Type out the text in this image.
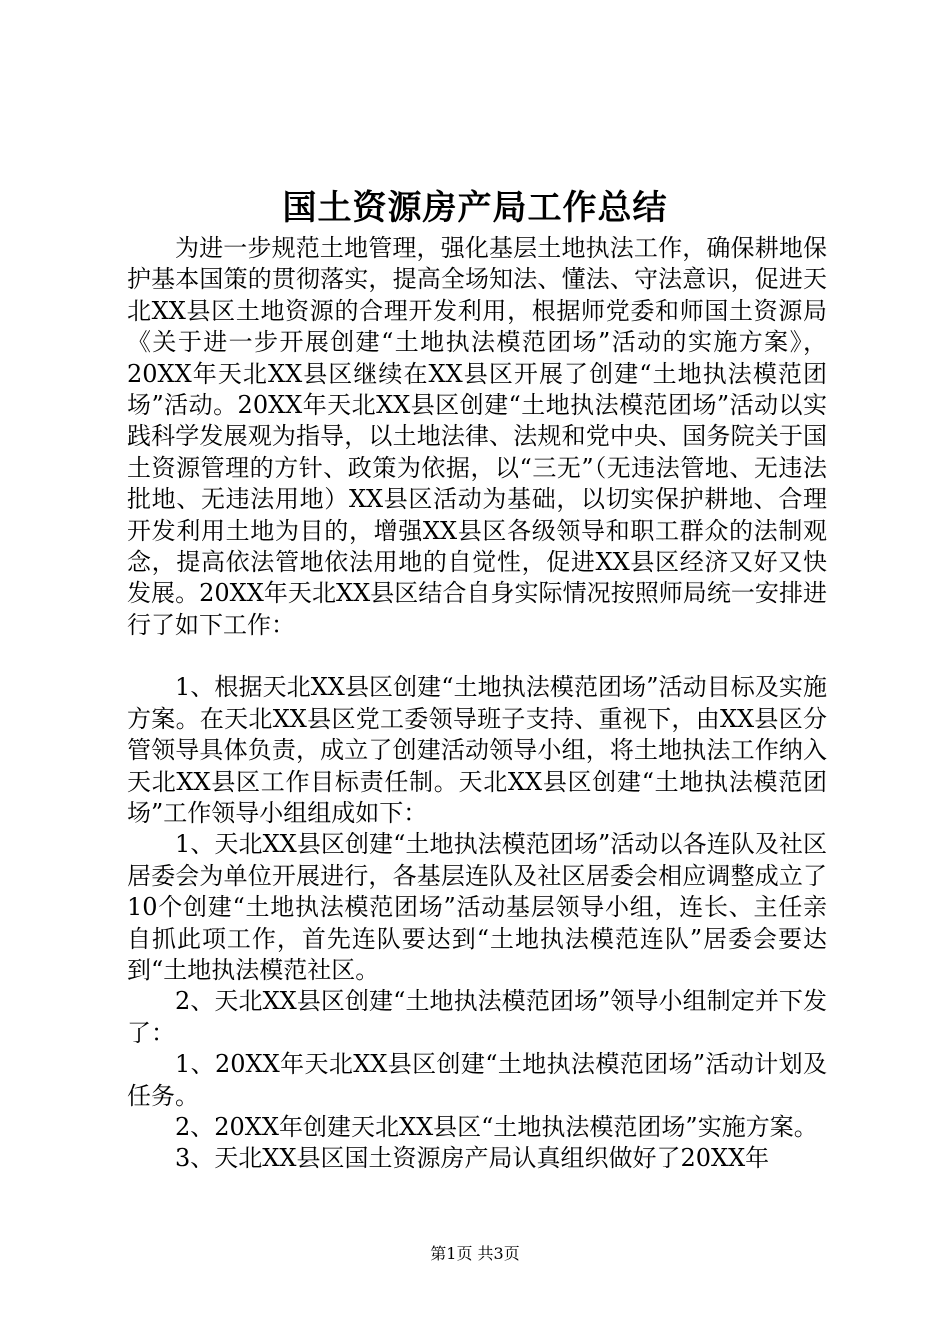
国土资源房产局工作总结

为进一步规范土地管理，强化基层土地执法工作，确保耕地保护基本国策的贯彻落实，提高全场知法、懂法、守法意识，促进天北XX县区土地资源的合理开发利用，根据师党委和师国土资源局《关于进一步开展创建“土地执法模范团场”活动的实施方案》，20XX年天北XX县区继续在XX县区开展了创建“土地执法模范团场”活动。20XX年天北XX县区创建“土地执法模范团场”活动以实践科学发展观为指导，以土地法律、法规和党中央、国务院关于国土资源管理的方针、政策为依据，以“三无”（无违法管地、无违法批地、无违法用地）XX县区活动为基础，以切实保护耕地、合理开发利用土地为目的，增强XX县区各级领导和职工群众的法制观念，提高依法管地依法用地的自觉性，促进XX县区经济又好又快发展。20XX年天北XX县区结合自身实际情况按照师局统一安排进行了如下工作：

1、根据天北XX县区创建“土地执法模范团场”活动目标及实施方案。在天北XX县区党工委领导班子支持、重视下，由XX县区分管领导具体负责，成立了创建活动领导小组，将土地执法工作纳入天北XX县区工作目标责任制。天北XX县区创建“土地执法模范团场”工作领导小组组成如下：

1、天北XX县区创建“土地执法模范团场”活动以各连队及社区居委会为单位开展进行，各基层连队及社区居委会相应调整成立了10个创建“土地执法模范团场”活动基层领导小组，连长、主任亲自抓此项工作，首先连队要达到“土地执法模范连队”居委会要达到“土地执法模范社区。

2、天北XX县区创建“土地执法模范团场”领导小组制定并下发了：

1、20XX年天北XX县区创建“土地执法模范团场”活动计划及任务。

2、20XX年创建天北XX县区“土地执法模范团场”实施方案。

3、天北XX县区国土资源房产局认真组织做好了20XX年

第1页 共3页
